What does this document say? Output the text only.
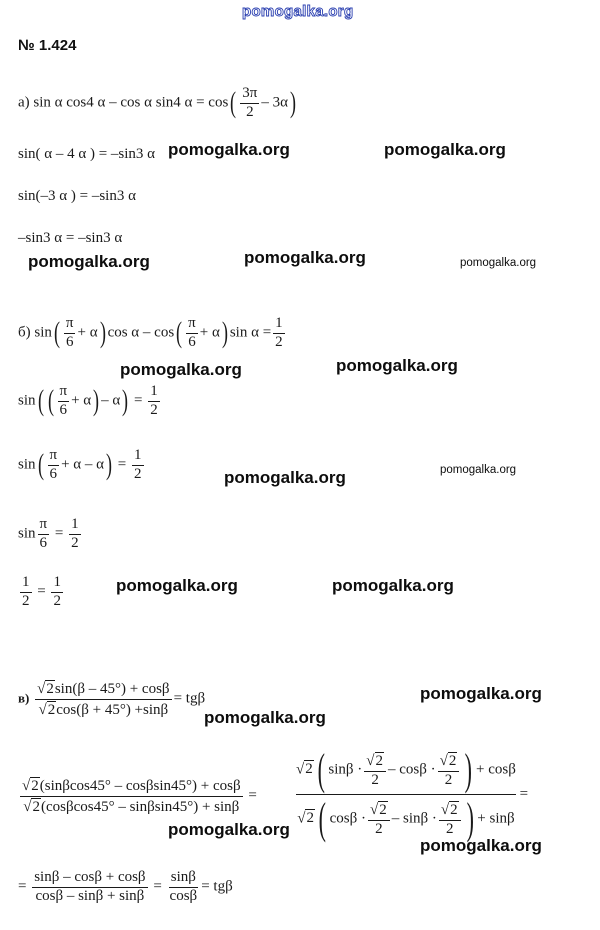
pomogalka.org
№ 1.424
а) sin α cos4 α – cos α sin4 $\alpha = \cos( \frac{3\pi}{2} - 3\alpha)$
sin( α – 4 α ) = –sin3 α
sin(–3 α ) = –sin3 α
–sin3 α = –sin3 α
б) $\sin( \frac{\pi}{6} + \alpha)$ $\cos \alpha - \cos( \frac{\pi}{6} + \alpha)$ $\sin \alpha = \frac{1}{2}$
sin( ( $\frac{\pi}{6} + \alpha) - \alpha) = \frac{1}{2}$
$\sin( \frac{\pi}{6} + \alpha - \alpha) = \frac{1}{2}$
$\sin \frac{\pi}{6} = \frac{1}{2}$
$\frac{1}{2} = \frac{1}{2}$
$в) \frac{√2\sin(\beta - 45^\circ) + \cos\beta}{√2\cos(\beta + 45^\circ) +\sin\beta} = tg\beta$
$\frac{√2(\sin\beta\cos 45^\circ - \cos\beta\sin 45^\circ) + \cos\beta}{√2(\cos\beta\cos 45^\circ - \sin\beta\sin 45^\circ) + \sin\beta}$ =	$\frac{√2 ( \sin\beta \cdot \frac{√2}{2} - \cos\beta \cdot \frac{√2}{2} ) + \cos\beta}{√2 ( \cos\beta \cdot \frac{√2}{2} - \sin\beta \cdot \frac{√2}{2} ) + \sin\beta}$ =
= $\frac{\sin\beta - \cos\beta + \cos\beta}{\cos\beta - \sin\beta + \sin\beta} = \frac{\sin\beta}{\cos\beta} = tg\beta$
pomogalka.org	pomogalka.org
pomogalka.org	pomogalka.org	pomogalka.org
pomogalka.org	pomogalka.org
pomogalka.org	pomogalka.org
pomogalka.org	pomogalka.org
pomogalka.org
pomogalka.org
pomogalka.org
pomogalka.org
